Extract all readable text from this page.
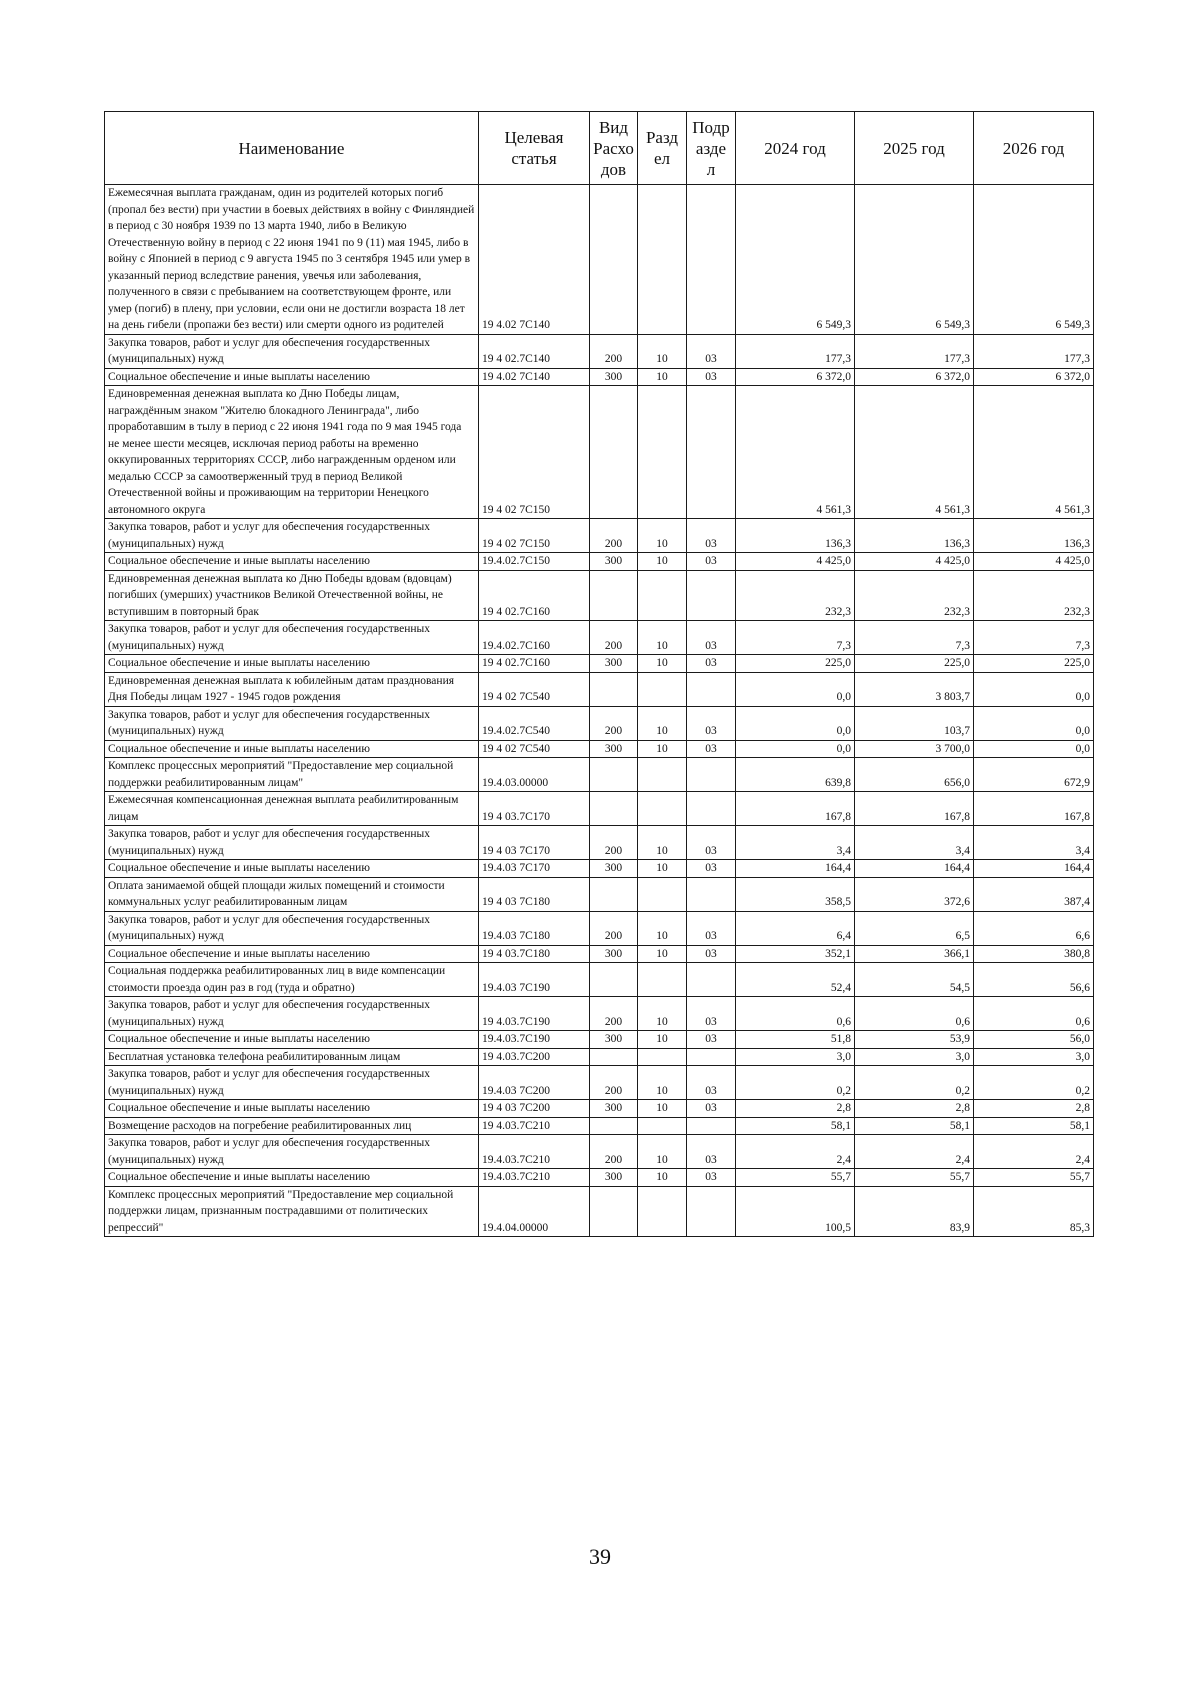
Наименование	Целевая статья	Вид Расхо дов	Разд ел	Подр азде л	2024 год	2025 год	2026 год
Ежемесячная выплата гражданам, один из родителей которых погиб (пропал без вести) при участии в боевых действиях в войну с Финляндией в период с 30 ноября 1939 по 13 марта 1940, либо в Великую Отечественную войну в период с 22 июня 1941 по 9 (11) мая 1945, либо в войну с Японией в период с 9 августа 1945 по 3 сентября 1945 или умер в указанный период вследствие ранения, увечья или заболевания, полученного в связи с пребыванием на соответствующем фронте, или умер (погиб) в плену, при условии, если они не достигли возраста 18 лет на день гибели (пропажи без вести) или смерти одного из родителей	19 4.02 7С140				6 549,3	6 549,3	6 549,3
Закупка товаров, работ и услуг для обеспечения государственных (муниципальных) нужд	19 4 02.7С140	200	10	03	177,3	177,3	177,3
Социальное обеспечение и иные выплаты населению	19 4.02 7С140	300	10	03	6 372,0	6 372,0	6 372,0
Единовременная денежная выплата ко Дню Победы лицам, награждённым знаком "Жителю блокадного Ленинграда", либо проработавшим в тылу в период с 22 июня 1941 года по 9 мая 1945 года не менее шести месяцев, исключая период работы на временно оккупированных территориях СССР, либо награжденным орденом или медалью СССР за самоотверженный труд в период Великой Отечественной войны и проживающим на территории Ненецкого автономного округа	19 4 02 7С150				4 561,3	4 561,3	4 561,3
Закупка товаров, работ и услуг для обеспечения государственных (муниципальных) нужд	19 4 02 7С150	200	10	03	136,3	136,3	136,3
Социальное обеспечение и иные выплаты населению	19.4.02.7С150	300	10	03	4 425,0	4 425,0	4 425,0
Единовременная денежная выплата ко Дню Победы вдовам (вдовцам) погибших (умерших) участников Великой Отечественной войны, не вступившим в повторный брак	19 4 02.7С160				232,3	232,3	232,3
Закупка товаров, работ и услуг для обеспечения государственных (муниципальных) нужд	19.4.02.7С160	200	10	03	7,3	7,3	7,3
Социальное обеспечение и иные выплаты населению	19 4 02.7С160	300	10	03	225,0	225,0	225,0
Единовременная денежная выплата к юбилейным датам празднования Дня Победы лицам 1927 - 1945 годов рождения	19 4 02 7С540				0,0	3 803,7	0,0
Закупка товаров, работ и услуг для обеспечения государственных (муниципальных) нужд	19.4.02.7С540	200	10	03	0,0	103,7	0,0
Социальное обеспечение и иные выплаты населению	19 4 02 7С540	300	10	03	0,0	3 700,0	0,0
Комплекс процессных мероприятий "Предоставление мер социальной поддержки реабилитированным лицам"	19.4.03.00000				639,8	656,0	672,9
Ежемесячная компенсационная денежная выплата реабилитированным лицам	19 4 03.7С170				167,8	167,8	167,8
Закупка товаров, работ и услуг для обеспечения государственных (муниципальных) нужд	19 4 03 7С170	200	10	03	3,4	3,4	3,4
Социальное обеспечение и иные выплаты населению	19.4.03 7С170	300	10	03	164,4	164,4	164,4
Оплата занимаемой общей площади жилых помещений и стоимости коммунальных услуг реабилитированным лицам	19 4 03 7С180				358,5	372,6	387,4
Закупка товаров, работ и услуг для обеспечения государственных (муниципальных) нужд	19.4.03 7С180	200	10	03	6,4	6,5	6,6
Социальное обеспечение и иные выплаты населению	19 4 03.7С180	300	10	03	352,1	366,1	380,8
Социальная поддержка реабилитированных лиц в виде компенсации стоимости проезда один раз в год (туда и обратно)	19.4.03 7С190				52,4	54,5	56,6
Закупка товаров, работ и услуг для обеспечения государственных (муниципальных) нужд	19 4.03.7С190	200	10	03	0,6	0,6	0,6
Социальное обеспечение и иные выплаты населению	19.4.03.7С190	300	10	03	51,8	53,9	56,0
Бесплатная установка телефона реабилитированным лицам	19 4.03.7С200				3,0	3,0	3,0
Закупка товаров, работ и услуг для обеспечения государственных (муниципальных) нужд	19.4.03 7С200	200	10	03	0,2	0,2	0,2
Социальное обеспечение и иные выплаты населению	19 4 03 7С200	300	10	03	2,8	2,8	2,8
Возмещение расходов на погребение реабилитированных лиц	19 4.03.7С210				58,1	58,1	58,1
Закупка товаров, работ и услуг для обеспечения государственных (муниципальных) нужд	19.4.03.7С210	200	10	03	2,4	2,4	2,4
Социальное обеспечение и иные выплаты населению	19.4.03.7С210	300	10	03	55,7	55,7	55,7
Комплекс процессных мероприятий "Предоставление мер социальной поддержки лицам, признанным пострадавшими от политических репрессий"	19.4.04.00000				100,5	83,9	85,3
39
